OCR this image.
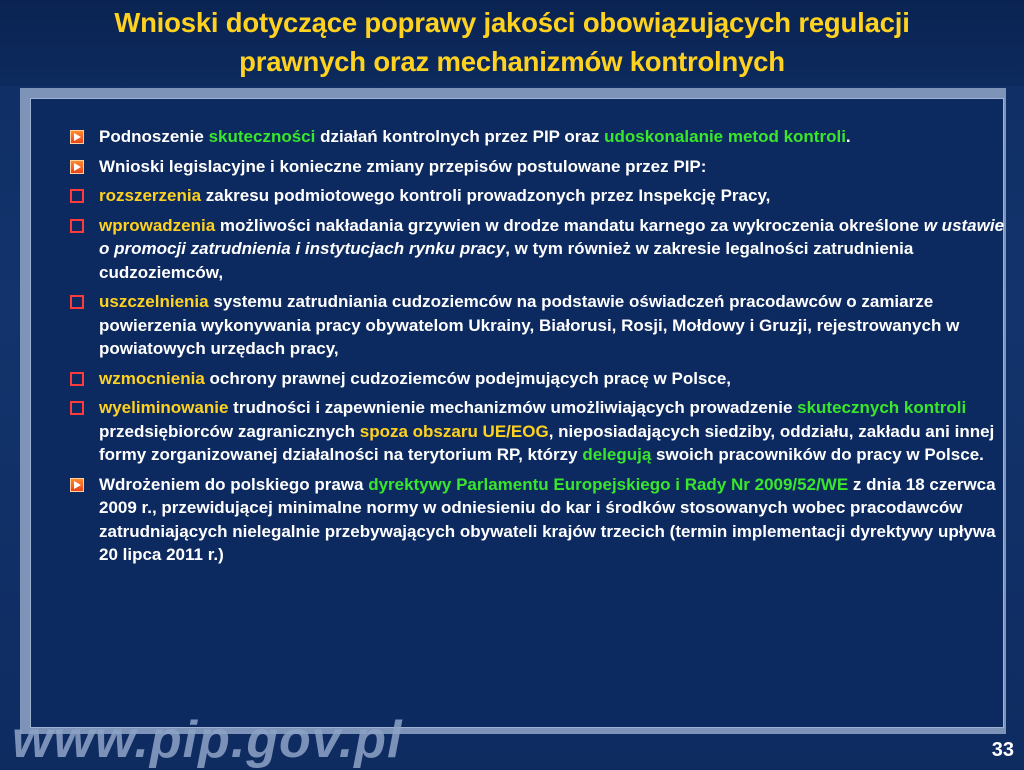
Wnioski dotyczące poprawy jakości obowiązujących regulacji
prawnych oraz mechanizmów kontrolnych
Podnoszenie skuteczności działań kontrolnych przez PIP oraz udoskonalanie metod kontroli.
Wnioski legislacyjne i konieczne zmiany przepisów postulowane przez PIP:
rozszerzenia zakresu podmiotowego kontroli prowadzonych przez Inspekcję Pracy,
wprowadzenia możliwości nakładania grzywien w drodze mandatu karnego za wykroczenia określone w ustawie o promocji zatrudnienia i instytucjach rynku pracy, w tym również w zakresie legalności zatrudnienia cudzoziemców,
uszczelnienia systemu zatrudniania cudzoziemców na podstawie oświadczeń pracodawców o zamiarze powierzenia wykonywania pracy obywatelom Ukrainy, Białorusi, Rosji, Mołdowy i Gruzji, rejestrowanych w powiatowych urzędach pracy,
wzmocnienia ochrony prawnej cudzoziemców podejmujących pracę w Polsce,
wyeliminowanie trudności i zapewnienie mechanizmów umożliwiających prowadzenie skutecznych kontroli przedsiębiorców zagranicznych spoza obszaru UE/EOG, nieposiadających siedziby, oddziału, zakładu ani innej formy zorganizowanej działalności na terytorium RP, którzy delegują swoich pracowników do pracy w Polsce.
Wdrożeniem do polskiego prawa dyrektywy Parlamentu Europejskiego i Rady Nr 2009/52/WE z dnia 18 czerwca 2009 r., przewidującej minimalne normy w odniesieniu do kar i środków stosowanych wobec pracodawców zatrudniających nielegalnie przebywających obywateli krajów trzecich (termin implementacji dyrektywy upływa 20 lipca 2011 r.)
www.pip.gov.pl	33
